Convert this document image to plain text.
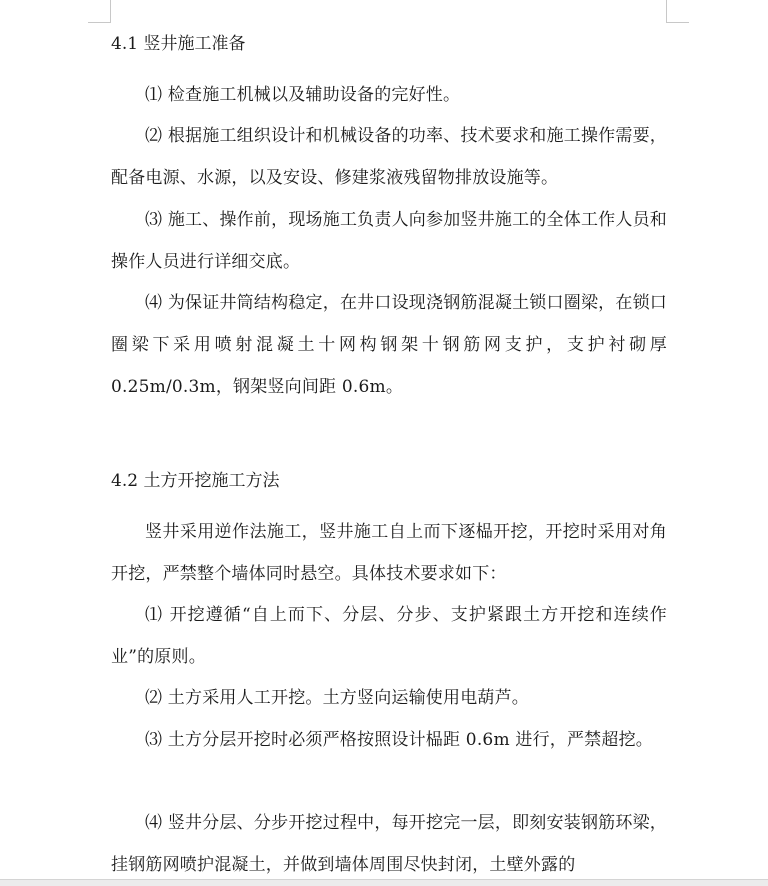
4.1 竖井施工准备
⑴ 检查施工机械以及辅助设备的完好性。
⑵ 根据施工组织设计和机械设备的功率、技术要求和施工操作需要，配备电源、水源，以及安设、修建浆液残留物排放设施等。
⑶ 施工、操作前，现场施工负责人向参加竖井施工的全体工作人员和操作人员进行详细交底。
⑷ 为保证井筒结构稳定，在井口设现浇钢筋混凝土锁口圈梁，在锁口圈梁下采用喷射混凝土十网构钢架十钢筋网支护，支护衬砌厚0.25m/0.3m，钢架竖向间距 0.6m。
4.2 土方开挖施工方法
竖井采用逆作法施工，竖井施工自上而下逐榀开挖，开挖时采用对角开挖，严禁整个墙体同时悬空。具体技术要求如下：
⑴ 开挖遵循“自上而下、分层、分步、支护紧跟土方开挖和连续作业”的原则。
⑵ 土方采用人工开挖。土方竖向运输使用电葫芦。
⑶ 土方分层开挖时必须严格按照设计榀距 0.6m 进行，严禁超挖。
⑷ 竖井分层、分步开挖过程中，每开挖完一层，即刻安装钢筋环梁，挂钢筋网喷护混凝土，并做到墙体周围尽快封闭，土壁外露的
